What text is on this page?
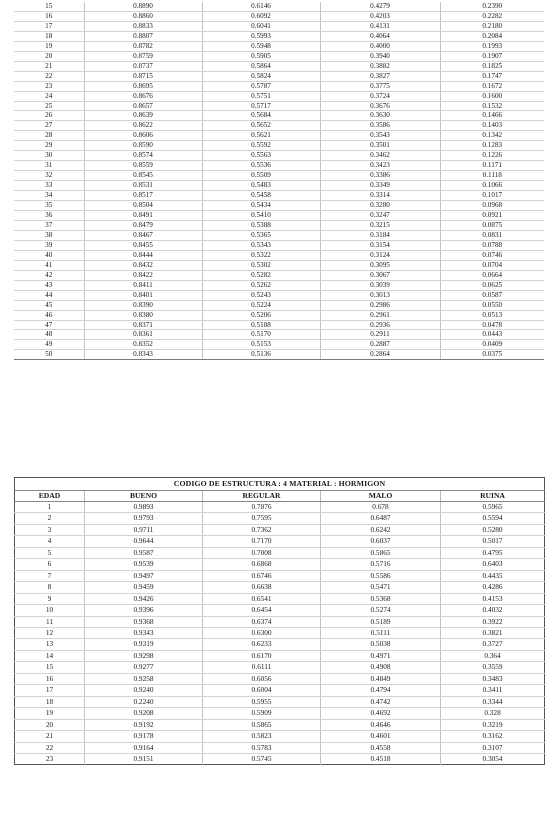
15	0.8890	0.6146	0.4279	0.2390
16	0.8860	0.6092	0.4203	0.2282
17	0.8833	0.6041	0.4131	0.2180
18	0.8807	0.5993	0.4064	0.2084
19	0.8782	0.5948	0.4000	0.1993
20	0.8759	0.5905	0.3940	0.1907
21	0.8737	0.5864	0.3882	0.1825
22	0.8715	0.5824	0.3827	0.1747
23	0.8695	0.5787	0.3775	0.1672
24	0.8676	0.5751	0.3724	0.1600
25	0.8657	0.5717	0.3676	0.1532
26	0.8639	0.5684	0.3630	0.1466
27	0.8622	0.5652	0.3586	0.1403
28	0.8606	0.5621	0.3543	0.1342
29	0.8590	0.5592	0.3501	0.1283
30	0.8574	0.5563	0.3462	0.1226
31	0.8559	0.5536	0.3423	0.1171
32	0.8545	0.5509	0.3386	0.1118
33	0.8531	0.5483	0.3349	0.1066
34	0.8517	0.5458	0.3314	0.1017
35	0.8504	0.5434	0.3280	0.0968
36	0.8491	0.5410	0.3247	0.0921
37	0.8479	0.5388	0.3215	0.0875
38	0.8467	0.5365	0.3184	0.0831
39	0.8455	0.5343	0.3154	0.0788
40	0.8444	0.5322	0.3124	0.0746
41	0.8432	0.5302	0.3095	0.0704
42	0.8422	0.5282	0.3067	0.0664
43	0.8411	0.5262	0.3039	0.0625
44	0.8401	0.5243	0.3013	0.0587
45	0.8390	0.5224	0.2986	0.0550
46	0.8380	0.5206	0.2961	0.0513
47	0.8371	0.5188	0.2936	0.0478
48	0.8361	0.5170	0.2911	0.0443
49	0.8352	0.5153	0.2887	0.0409
50	0.8343	0.5136	0.2864	0.0375
CODIGO DE ESTRUCTURA : 4 MATERIAL : HORMIGON				
EDAD	BUENO	REGULAR	MALO	RUINA
1	0.9893	0.7876	0.678	0.5965
2	0.9793	0.7595	0.6487	0.5594
3	0.9711	0.7362	0.6242	0.5280
4	0.9644	0.7170	0.6037	0.5017
5	0.9587	0.7008	0.5865	0.4795
6	0.9539	0.6868	0.5716	0.6403
7	0.9497	0.6746	0.5586	0.4435
8	0.9459	0.6638	0.5471	0.4286
9	0.9426	0.6541	0.5368	0.4153
10	0.9396	0.6454	0.5274	0.4032
11	0.9368	0.6374	0.5189	0.3922
12	0.9343	0.6300	0.5111	0.3821
13	0.9319	0.6233	0.5038	0.3727
14	0.9298	0.6170	0.4971	0.364
15	0.9277	0.6111	0.4908	0.3559
16	0.9258	0.6056	0.4849	0.3483
17	0.9240	0.6004	0.4794	0.3411
18	0.2240	0.5955	0.4742	0.3344
19	0.9208	0.5909	0.4692	0.328
20	0.9192	0.5865	0.4646	0.3219
21	0.9178	0.5823	0.4601	0.3162
22	0.9164	0.5783	0.4558	0.3107
23	0.9151	0.5745	0.4518	0.3054
